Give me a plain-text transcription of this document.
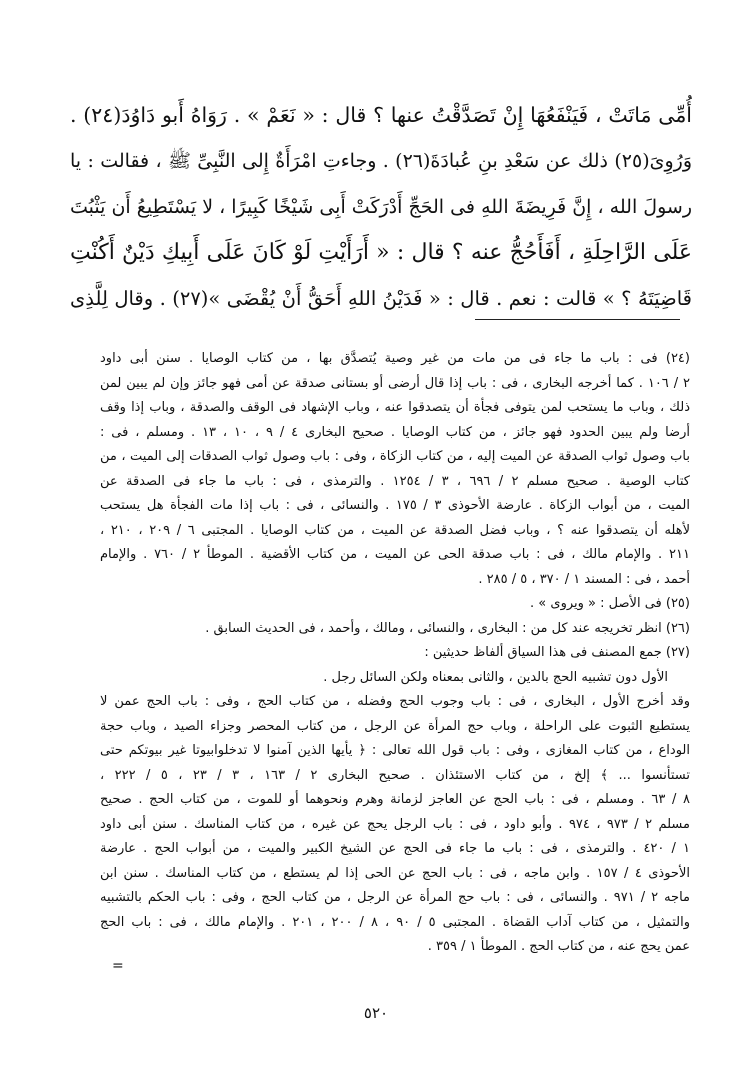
أُمِّى مَاتَتْ ، فَيَنْفَعُهَا إِنْ تَصَدَّقْتُ عنها ؟ قال : « نَعَمْ » . رَوَاهُ أَبو دَاوُدَ(٢٤) .
وَرُوِىَ(٢٥) ذلك عن سَعْدِ بنِ عُبادَةَ(٢٦) . وجاءتِ امْرَأَةٌ إِلى النَّبِىِّ ﷺ ، فقالت : يا
رسولَ الله ، إِنَّ فَرِيضَةَ اللهِ فى الحَجِّ أَدْرَكَتْ أَبِى شَيْخًا كَبِيرًا ، لا يَسْتَطِيعُ أَن يَثْبُتَ
عَلَى الرَّاحِلَةِ ، أَفَأَحُجُّ عنه ؟ قال : « أَرَأَيْتِ لَوْ كَانَ عَلَى أَبِيكِ دَيْنٌ أَكُنْتِ
قَاضِيَتَهُ ؟ » قالت : نعم . قال : « فَدَيْنُ اللهِ أَحَقُّ أَنْ يُقْضَى »(٢٧) . وقال لِلَّذِى
(٢٤) فى : باب ما جاء فى من مات من غير وصية يُتصدَّق بها ، من كتاب الوصايا . سنن أبى داود
٢ / ١٠٦ . كما أخرجه البخارى ، فى : باب إذا قال أرضى أو بستانى صدقة عن أمى فهو جائز وإن لم يبين لمن
ذلك ، وباب ما يستحب لمن يتوفى فجأة أن يتصدقوا عنه ، وباب الإشهاد فى الوقف والصدقة ، وباب إذا وقف
أرضا ولم يبين الحدود فهو جائز ، من كتاب الوصايا . صحيح البخارى ٤ / ٩ ، ١٠ ، ١٣ . ومسلم ، فى :
باب وصول ثواب الصدقة عن الميت إليه ، من كتاب الزكاة ، وفى : باب وصول ثواب الصدقات إلى الميت ، من
كتاب الوصية . صحيح مسلم ٢ / ٦٩٦ ، ٣ / ١٢٥٤ . والترمذى ، فى : باب ما جاء فى الصدقة عن
الميت ، من أبواب الزكاة . عارضة الأحوذى ٣ / ١٧٥ . والنسائى ، فى : باب إذا مات الفجأة هل يستحب
لأهله أن يتصدقوا عنه ؟ ، وباب فضل الصدقة عن الميت ، من كتاب الوصايا . المجتبى ٦ / ٢٠٩ ، ٢١٠ ،
٢١١ . والإمام مالك ، فى : باب صدقة الحى عن الميت ، من كتاب الأقضية . الموطأ ٢ / ٧٦٠ . والإمام
أحمد ، فى : المسند ١ / ٣٧٠ ، ٥ / ٢٨٥ .
(٢٥) فى الأصل : « ويروى » .
(٢٦) انظر تخريجه عند كل من : البخارى ، والنسائى ، ومالك ، وأحمد ، فى الحديث السابق .
(٢٧) جمع المصنف فى هذا السياق ألفاظ حديثين :
الأول دون تشبيه الحج بالدين ، والثانى بمعناه ولكن السائل رجل .
وقد أخرج الأول ، البخارى ، فى : باب وجوب الحج وفضله ، من كتاب الحج ، وفى : باب الحج عمن لا
يستطيع الثبوت على الراحلة ، وباب حج المرأة عن الرجل ، من كتاب المحصر وجزاء الصيد ، وباب حجة
الوداع ، من كتاب المغازى ، وفى : باب قول الله تعالى : ﴿ يأيها الذين آمنوا لا تدخلوابيوتا غير بيوتكم حتى
تستأنسوا ... ﴾ إلخ ، من كتاب الاستئذان . صحيح البخارى ٢ / ١٦٣ ، ٣ / ٢٣ ، ٥ / ٢٢٢ ،
٨ / ٦٣ . ومسلم ، فى : باب الحج عن العاجز لزمانة وهرم ونحوهما أو للموت ، من كتاب الحج . صحيح
مسلم ٢ / ٩٧٣ ، ٩٧٤ . وأبو داود ، فى : باب الرجل يحج عن غيره ، من كتاب المناسك . سنن أبى داود
١ / ٤٢٠ . والترمذى ، فى : باب ما جاء فى الحج عن الشيخ الكبير والميت ، من أبواب الحج . عارضة
الأحوذى ٤ / ١٥٧ . وابن ماجه ، فى : باب الحج عن الحى إذا لم يستطع ، من كتاب المناسك . سنن ابن
ماجه ٢ / ٩٧١ . والنسائى ، فى : باب حج المرأة عن الرجل ، من كتاب الحج ، وفى : باب الحكم بالتشبيه
والتمثيل ، من كتاب آداب القضاة . المجتبى ٥ / ٩٠ ، ٨ / ٢٠٠ ، ٢٠١ . والإمام مالك ، فى : باب الحج
عمن يحج عنه ، من كتاب الحج . الموطأ ١ / ٣٥٩ .
=
٥٢٠
